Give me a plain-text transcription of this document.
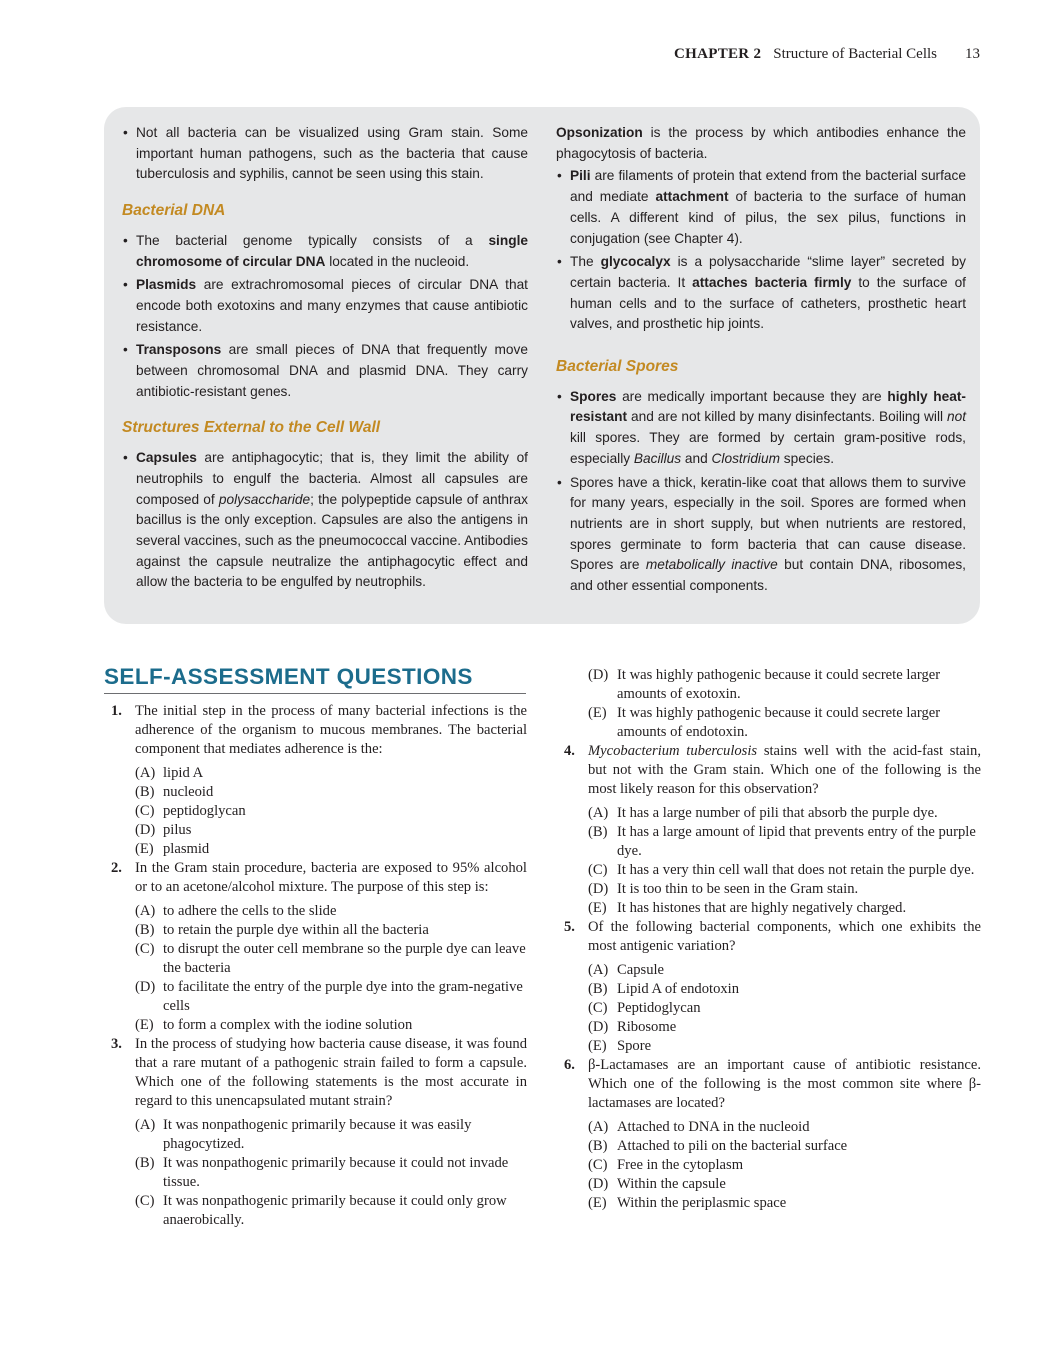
CHAPTER 2 Structure of Bacterial Cells 13
• Not all bacteria can be visualized using Gram stain. Some important human pathogens, such as the bacteria that cause tuberculosis and syphilis, cannot be seen using this stain.
Bacterial DNA
• The bacterial genome typically consists of a single chromosome of circular DNA located in the nucleoid.
• Plasmids are extrachromosomal pieces of circular DNA that encode both exotoxins and many enzymes that cause antibiotic resistance.
• Transposons are small pieces of DNA that frequently move between chromosomal DNA and plasmid DNA. They carry antibiotic-resistant genes.
Structures External to the Cell Wall
• Capsules are antiphagocytic; that is, they limit the ability of neutrophils to engulf the bacteria. Almost all capsules are composed of polysaccharide; the polypeptide capsule of anthrax bacillus is the only exception. Capsules are also the antigens in several vaccines, such as the pneumococcal vaccine. Antibodies against the capsule neutralize the antiphagocytic effect and allow the bacteria to be engulfed by neutrophils.

Opsonization is the process by which antibodies enhance the phagocytosis of bacteria.

• Pili are filaments of protein that extend from the bacterial surface and mediate attachment of bacteria to the surface of human cells. A different kind of pilus, the sex pilus, functions in conjugation (see Chapter 4).
• The glycocalyx is a polysaccharide “slime layer” secreted by certain bacteria. It attaches bacteria firmly to the surface of human cells and to the surface of catheters, prosthetic heart valves, and prosthetic hip joints.
Bacterial Spores
• Spores are medically important because they are highly heat-resistant and are not killed by many disinfectants. Boiling will not kill spores. They are formed by certain gram-positive rods, especially Bacillus and Clostridium species.
• Spores have a thick, keratin-like coat that allows them to survive for many years, especially in the soil. Spores are formed when nutrients are in short supply, but when nutrients are restored, spores germinate to form bacteria that can cause disease. Spores are metabolically inactive but contain DNA, ribosomes, and other essential components.
SELF-ASSESSMENT QUESTIONS
1. The initial step in the process of many bacterial infections is the adherence of the organism to mucous membranes. The bacterial component that mediates adherence is the:

(A) lipid A
(B) nucleoid
(C) peptidoglycan
(D) pilus
(E) plasmid
2. In the Gram stain procedure, bacteria are exposed to 95% alcohol or to an acetone/alcohol mixture. The purpose of this step is:

(A) to adhere the cells to the slide
(B) to retain the purple dye within all the bacteria
(C) to disrupt the outer cell membrane so the purple dye can leave the bacteria
(D) to facilitate the entry of the purple dye into the gram-negative cells
(E) to form a complex with the iodine solution
3. In the process of studying how bacteria cause disease, it was found that a rare mutant of a pathogenic strain failed to form a capsule. Which one of the following statements is the most accurate in regard to this unencapsulated mutant strain?

(A) It was nonpathogenic primarily because it was easily phagocytized.
(B) It was nonpathogenic primarily because it could not invade tissue.
(C) It was nonpathogenic primarily because it could only grow anaerobically.
(D) It was highly pathogenic because it could secrete larger amounts of exotoxin.
(E) It was highly pathogenic because it could secrete larger amounts of endotoxin.
4. Mycobacterium tuberculosis stains well with the acid-fast stain, but not with the Gram stain. Which one of the following is the most likely reason for this observation?

(A) It has a large number of pili that absorb the purple dye.
(B) It has a large amount of lipid that prevents entry of the purple dye.
(C) It has a very thin cell wall that does not retain the purple dye.
(D) It is too thin to be seen in the Gram stain.
(E) It has histones that are highly negatively charged.
5. Of the following bacterial components, which one exhibits the most antigenic variation?

(A) Capsule
(B) Lipid A of endotoxin
(C) Peptidoglycan
(D) Ribosome
(E) Spore
6. β-Lactamases are an important cause of antibiotic resistance. Which one of the following is the most common site where β-lactamases are located?

(A) Attached to DNA in the nucleoid
(B) Attached to pili on the bacterial surface
(C) Free in the cytoplasm
(D) Within the capsule
(E) Within the periplasmic space
